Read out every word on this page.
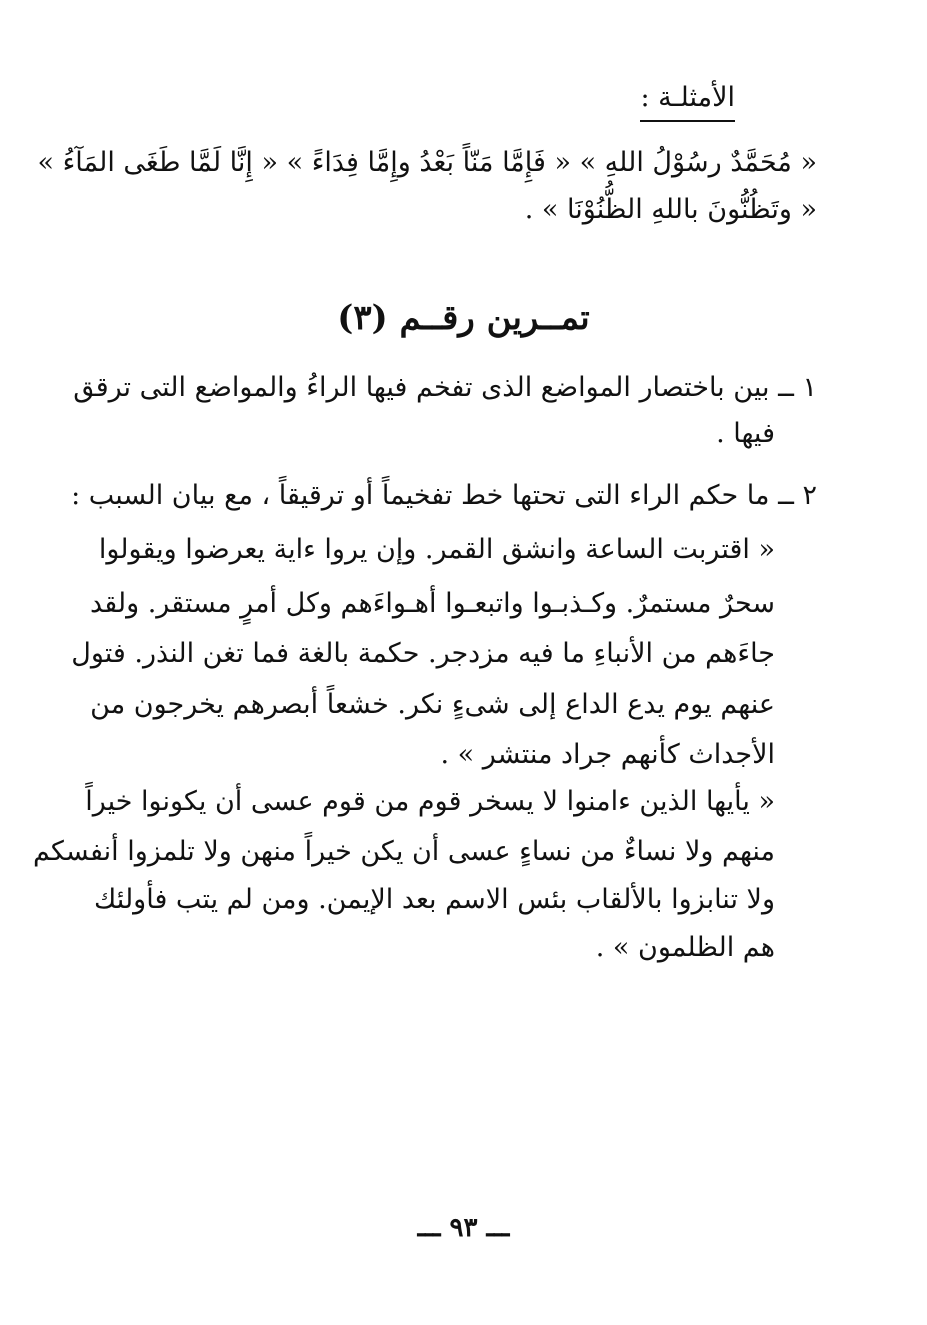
الأمثلـة :
« مُحَمَّدٌ رسُوْلُ اللهِ » « فَإِمَّا مَنّاً بَعْدُ وإِمَّا فِدَاءً » « إِنَّا لَمَّا طَغَى المَآءُ »
« وتَظُنُّونَ باللهِ الظُّنُوْنَا » .
تمــرين رقــم (٣)
١ ــ بين باختصار المواضع الذى تفخم فيها الراءُ والمواضع التى ترقق
فيها .
٢ ــ ما حكم الراء التى تحتها خط تفخيماً أو ترقيقاً ، مع بيان السبب :
« اقتربت الساعة وانشق القمر. وإن يروا ءاية يعرضوا ويقولوا
سحرٌ مستمرٌ. وكـذبـوا واتبعـوا أهـواءَهم وكل أمرٍ مستقر. ولقد
جاءَهم من الأنباءِ ما فيه مزدجر. حكمة بالغة فما تغن النذر. فتول
عنهم يوم يدع الداع إلى شىءٍ نكر. خشعاً أبصرهم يخرجون من
الأجداث كأنهم جراد منتشر » .
« يأيها الذين ءامنوا لا يسخر قوم من قوم عسى أن يكونوا خيراً
منهم ولا نساءٌ من نساءٍ عسى أن يكن خيراً منهن ولا تلمزوا أنفسكم
ولا تنابزوا بالألقاب بئس الاسم بعد الإيمن. ومن لم يتب فأولئك
هم الظلمون » .
ـــ ٩٣ ـــ
